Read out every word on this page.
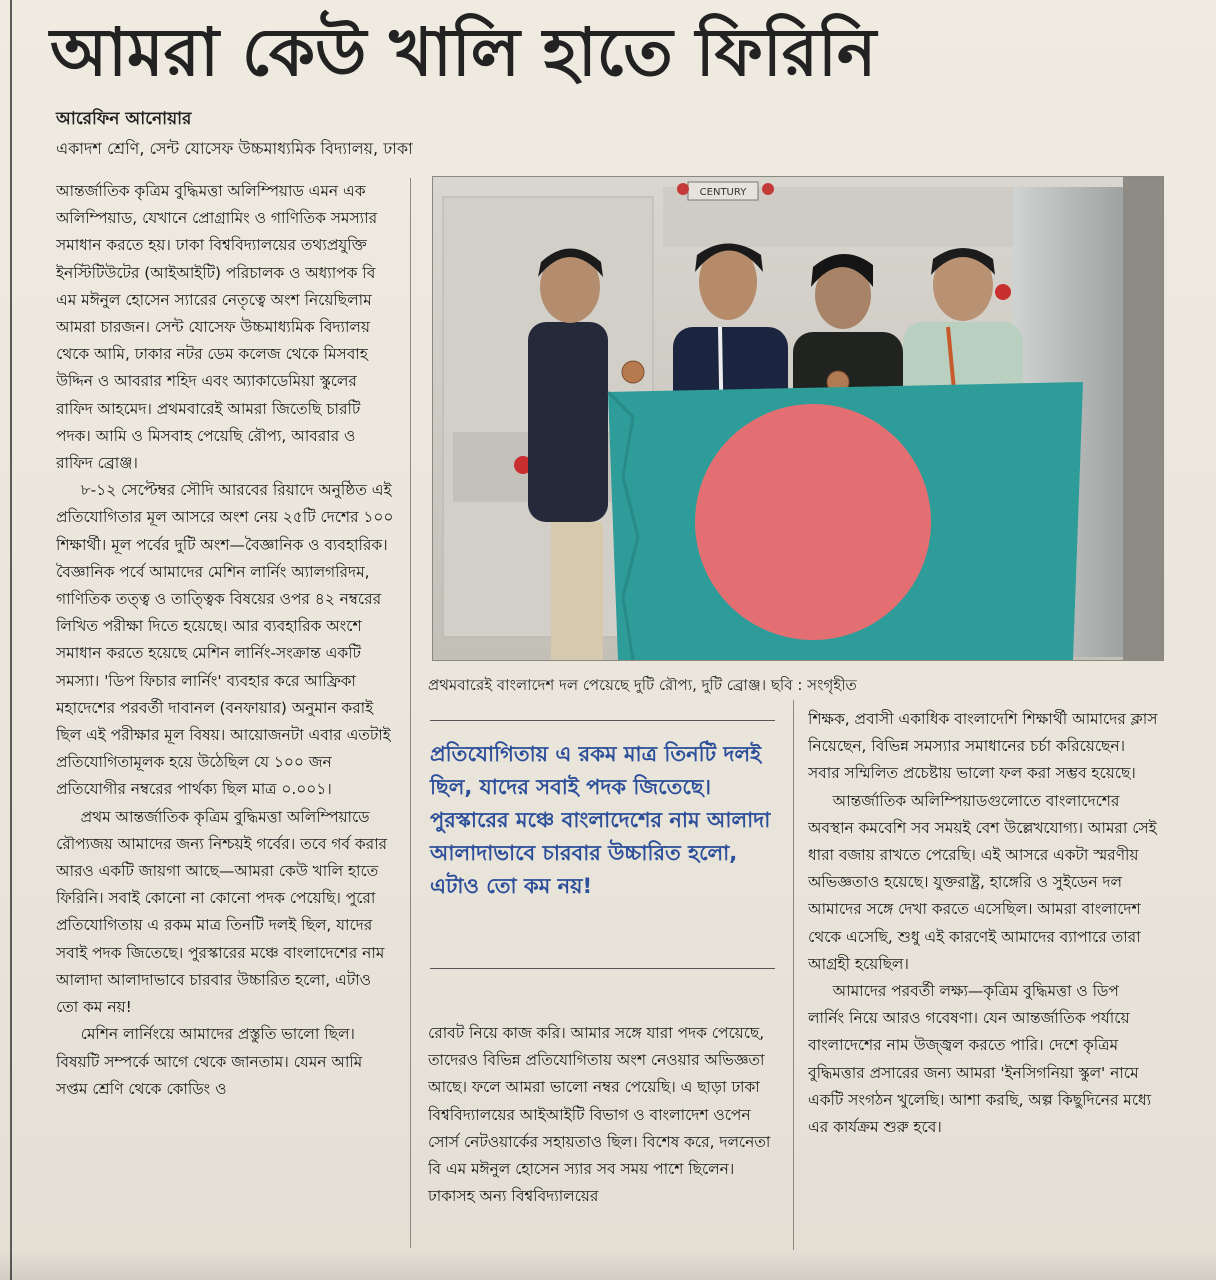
আমরা কেউ খালি হাতে ফিরিনি
আরেফিন আনোয়ার
একাদশ শ্রেণি, সেন্ট যোসেফ উচ্চমাধ্যমিক বিদ্যালয়, ঢাকা

আন্তর্জাতিক কৃত্রিম বুদ্ধিমত্তা অলিম্পিয়াড এমন এক অলিম্পিয়াড, যেখানে প্রোগ্রামিং ও গাণিতিক সমস্যার সমাধান করতে হয়। ঢাকা বিশ্ববিদ্যালয়ের তথ্যপ্রযুক্তি ইনস্টিটিউটের (আইআইটি) পরিচালক ও অধ্যাপক বি এম মঈনুল হোসেন স্যারের নেতৃত্বে অংশ নিয়েছিলাম আমরা চারজন। সেন্ট যোসেফ উচ্চমাধ্যমিক বিদ্যালয় থেকে আমি, ঢাকার নটর ডেম কলেজ থেকে মিসবাহ উদ্দিন ও আবরার শহিদ এবং অ্যাকাডেমিয়া স্কুলের রাফিদ আহমেদ। প্রথমবারেই আমরা জিতেছি চারটি পদক। আমি ও মিসবাহ পেয়েছি রৌপ্য, আবরার ও রাফিদ ব্রোঞ্জ।

৮-১২ সেপ্টেম্বর সৌদি আরবের রিয়াদে অনুষ্ঠিত এই প্রতিযোগিতার মূল আসরে অংশ নেয় ২৫টি দেশের ১০০ শিক্ষার্থী। মূল পর্বের দুটি অংশ—বৈজ্ঞানিক ও ব্যবহারিক। বৈজ্ঞানিক পর্বে আমাদের মেশিন লার্নিং অ্যালগরিদম, গাণিতিক তত্ত্ব ও তাত্ত্বিক বিষয়ের ওপর ৪২ নম্বরের লিখিত পরীক্ষা দিতে হয়েছে। আর ব্যবহারিক অংশে সমাধান করতে হয়েছে মেশিন লার্নিং-সংক্রান্ত একটি সমস্যা। 'ডিপ ফিচার লার্নিং' ব্যবহার করে আফ্রিকা মহাদেশের পরবর্তী দাবানল (বনফায়ার) অনুমান করাই ছিল এই পরীক্ষার মূল বিষয়। আয়োজনটা এবার এতটাই প্রতিযোগিতামূলক হয়ে উঠেছিল যে ১০০ জন প্রতিযোগীর নম্বরের পার্থক্য ছিল মাত্র ০.০০১।

প্রথম আন্তর্জাতিক কৃত্রিম বুদ্ধিমত্তা অলিম্পিয়াডে রৌপ্যজয় আমাদের জন্য নিশ্চয়ই গর্বের। তবে গর্ব করার আরও একটি জায়গা আছে—আমরা কেউ খালি হাতে ফিরিনি। সবাই কোনো না কোনো পদক পেয়েছি। পুরো প্রতিযোগিতায় এ রকম মাত্র তিনটি দলই ছিল, যাদের সবাই পদক জিতেছে। পুরস্কারের মঞ্চে বাংলাদেশের নাম আলাদা আলাদাভাবে চারবার উচ্চারিত হলো, এটাও তো কম নয়!

মেশিন লার্নিংয়ে আমাদের প্রস্তুতি ভালো ছিল। বিষয়টি সম্পর্কে আগে থেকে জানতাম। যেমন আমি সপ্তম শ্রেণি থেকে কোডিং ও

CENTURY
প্রথমবারেই বাংলাদেশ দল পেয়েছে দুটি রৌপ্য, দুটি ব্রোঞ্জ। ছবি : সংগৃহীত
প্রতিযোগিতায় এ রকম মাত্র তিনটি দলই ছিল, যাদের সবাই পদক জিতেছে। পুরস্কারের মঞ্চে বাংলাদেশের নাম আলাদা আলাদাভাবে চারবার উচ্চারিত হলো, এটাও তো কম নয়!

রোবট নিয়ে কাজ করি। আমার সঙ্গে যারা পদক পেয়েছে, তাদেরও বিভিন্ন প্রতিযোগিতায় অংশ নেওয়ার অভিজ্ঞতা আছে। ফলে আমরা ভালো নম্বর পেয়েছি। এ ছাড়া ঢাকা বিশ্ববিদ্যালয়ের আইআইটি বিভাগ ও বাংলাদেশ ওপেন সোর্স নেটওয়ার্কের সহায়তাও ছিল। বিশেষ করে, দলনেতা বি এম মঈনুল হোসেন স্যার সব সময় পাশে ছিলেন। ঢাকাসহ অন্য বিশ্ববিদ্যালয়ের

শিক্ষক, প্রবাসী একাধিক বাংলাদেশি শিক্ষার্থী আমাদের ক্লাস নিয়েছেন, বিভিন্ন সমস্যার সমাধানের চর্চা করিয়েছেন। সবার সম্মিলিত প্রচেষ্টায় ভালো ফল করা সম্ভব হয়েছে।

আন্তর্জাতিক অলিম্পিয়াডগুলোতে বাংলাদেশের অবস্থান কমবেশি সব সময়ই বেশ উল্লেখযোগ্য। আমরা সেই ধারা বজায় রাখতে পেরেছি। এই আসরে একটা স্মরণীয় অভিজ্ঞতাও হয়েছে। যুক্তরাষ্ট্র, হাঙ্গেরি ও সুইডেন দল আমাদের সঙ্গে দেখা করতে এসেছিল। আমরা বাংলাদেশ থেকে এসেছি, শুধু এই কারণেই আমাদের ব্যাপারে তারা আগ্রহী হয়েছিল।

আমাদের পরবর্তী লক্ষ্য—কৃত্রিম বুদ্ধিমত্তা ও ডিপ লার্নিং নিয়ে আরও গবেষণা। যেন আন্তর্জাতিক পর্যায়ে বাংলাদেশের নাম উজ্জ্বল করতে পারি। দেশে কৃত্রিম বুদ্ধিমত্তার প্রসারের জন্য আমরা 'ইনসিগনিয়া স্কুল' নামে একটি সংগঠন খুলেছি। আশা করছি, অল্প কিছুদিনের মধ্যে এর কার্যক্রম শুরু হবে।
